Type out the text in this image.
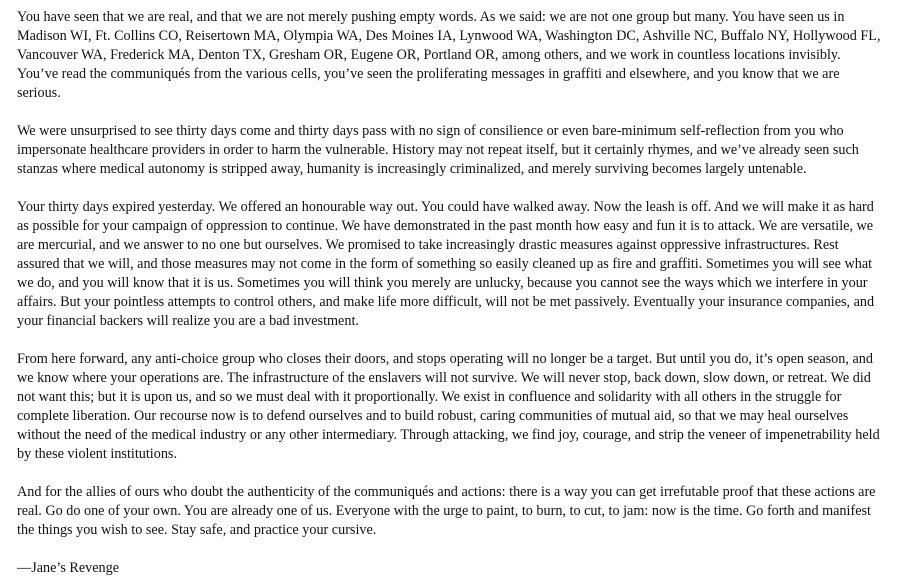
You have seen that we are real, and that we are not merely pushing empty words. As we said: we are not one group but many. You have seen us in Madison WI, Ft. Collins CO, Reisertown MA, Olympia WA, Des Moines IA, Lynwood WA, Washington DC, Ashville NC, Buffalo NY, Hollywood FL, Vancouver WA, Frederick MA, Denton TX, Gresham OR, Eugene OR, Portland OR, among others, and we work in countless locations invisibly. You’ve read the communiqués from the various cells, you’ve seen the proliferating messages in graffiti and elsewhere, and you know that we are serious.

We were unsurprised to see thirty days come and thirty days pass with no sign of consilience or even bare-minimum self-reflection from you who impersonate healthcare providers in order to harm the vulnerable. History may not repeat itself, but it certainly rhymes, and we’ve already seen such stanzas where medical autonomy is stripped away, humanity is increasingly criminalized, and merely surviving becomes largely untenable.

Your thirty days expired yesterday. We offered an honourable way out. You could have walked away. Now the leash is off. And we will make it as hard as possible for your campaign of oppression to continue. We have demonstrated in the past month how easy and fun it is to attack. We are versatile, we are mercurial, and we answer to no one but ourselves. We promised to take increasingly drastic measures against oppressive infrastructures. Rest assured that we will, and those measures may not come in the form of something so easily cleaned up as fire and graffiti. Sometimes you will see what we do, and you will know that it is us. Sometimes you will think you merely are unlucky, because you cannot see the ways which we interfere in your affairs. But your pointless attempts to control others, and make life more difficult, will not be met passively. Eventually your insurance companies, and your financial backers will realize you are a bad investment.

From here forward, any anti-choice group who closes their doors, and stops operating will no longer be a target. But until you do, it’s open season, and we know where your operations are. The infrastructure of the enslavers will not survive. We will never stop, back down, slow down, or retreat. We did not want this; but it is upon us, and so we must deal with it proportionally. We exist in confluence and solidarity with all others in the struggle for complete liberation. Our recourse now is to defend ourselves and to build robust, caring communities of mutual aid, so that we may heal ourselves without the need of the medical industry or any other intermediary. Through attacking, we find joy, courage, and strip the veneer of impenetrability held by these violent institutions.

And for the allies of ours who doubt the authenticity of the communiqués and actions: there is a way you can get irrefutable proof that these actions are real. Go do one of your own. You are already one of us. Everyone with the urge to paint, to burn, to cut, to jam: now is the time. Go forth and manifest the things you wish to see. Stay safe, and practice your cursive.

—Jane’s Revenge
